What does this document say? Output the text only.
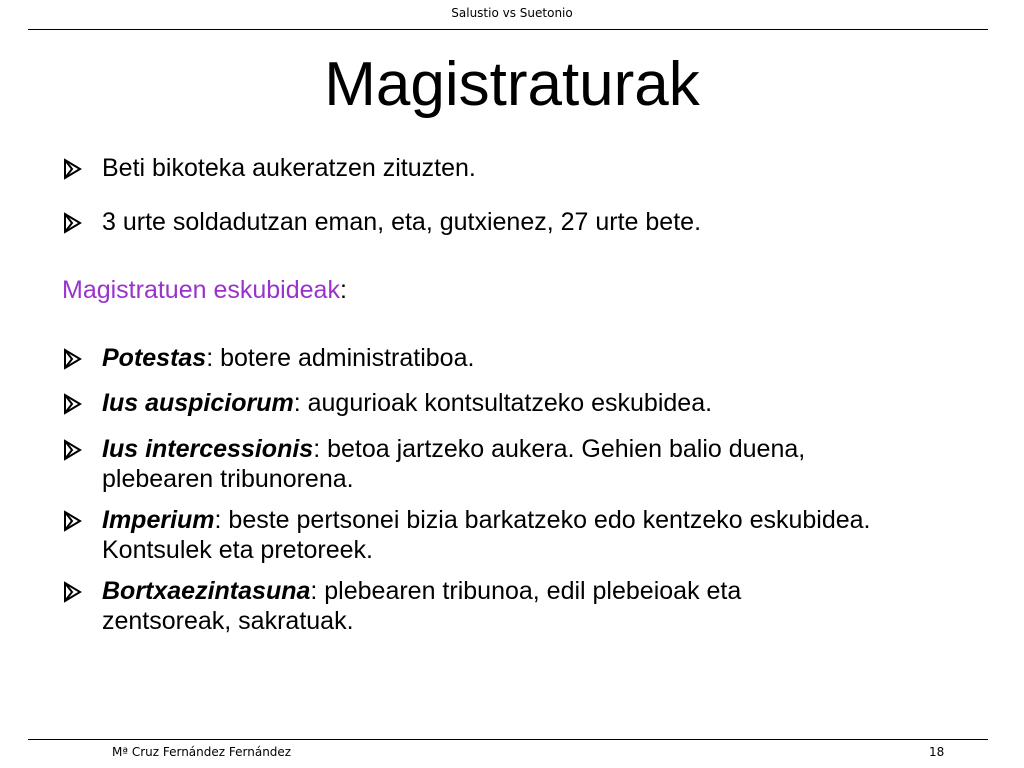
Salustio vs Suetonio
Magistraturak
Beti bikoteka aukeratzen zituzten.
3 urte soldadutzan eman, eta, gutxienez, 27 urte bete.
Magistratuen eskubideak:
Potestas: botere administratiboa.
Ius auspiciorum: augurioak kontsultatzeko eskubidea.
Ius intercessionis: betoa jartzeko aukera. Gehien balio duena,
plebearen tribunorena.
Imperium: beste pertsonei bizia barkatzeko edo kentzeko eskubidea.
Kontsulek eta pretoreek.
Bortxaezintasuna: plebearen tribunoa, edil plebeioak eta
zentsoreak, sakratuak.
Mª Cruz Fernández Fernández	18
